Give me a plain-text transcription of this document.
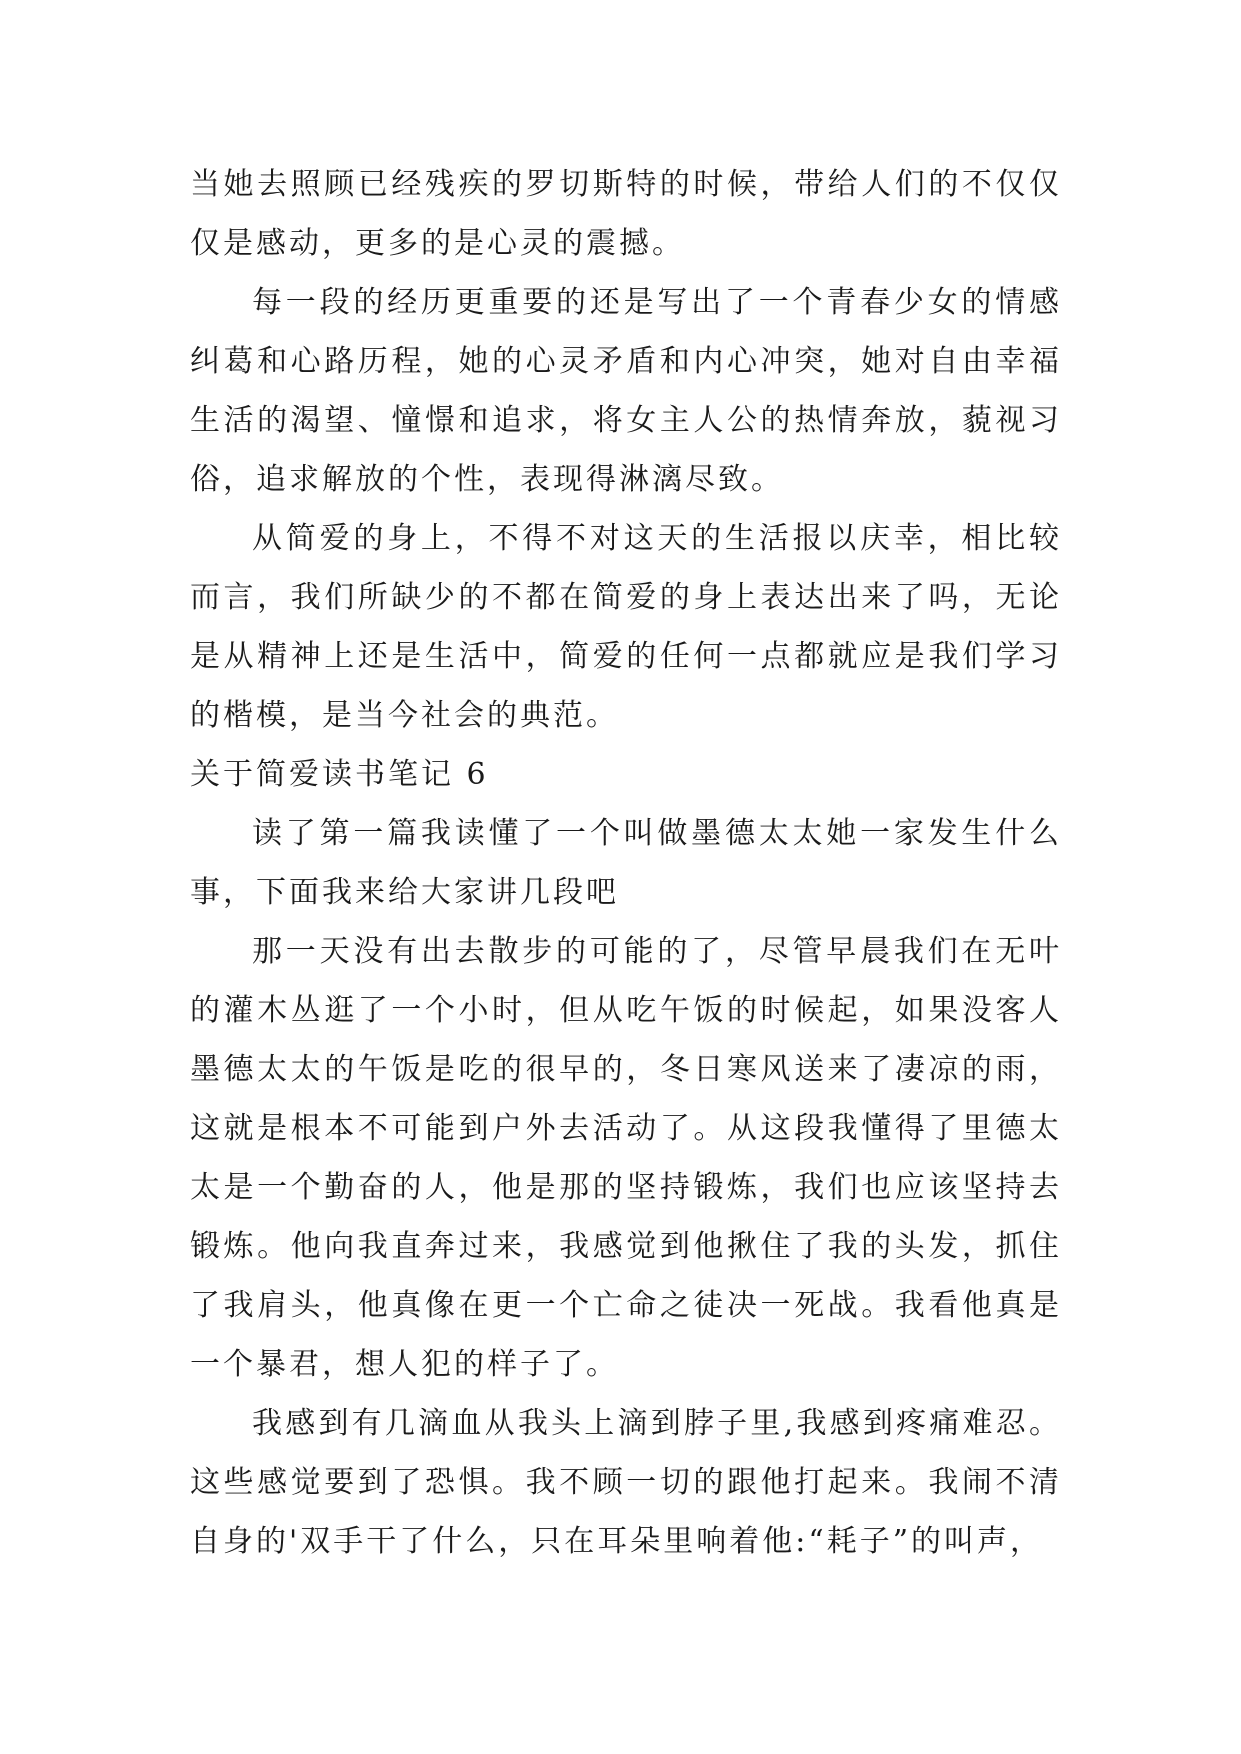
当她去照顾已经残疾的罗切斯特的时候，带给人们的不仅仅仅是感动，更多的是心灵的震撼。

每一段的经历更重要的还是写出了一个青春少女的情感纠葛和心路历程，她的心灵矛盾和内心冲突，她对自由幸福生活的渴望、憧憬和追求，将女主人公的热情奔放，藐视习俗，追求解放的个性，表现得淋漓尽致。

从简爱的身上，不得不对这天的生活报以庆幸，相比较而言，我们所缺少的不都在简爱的身上表达出来了吗，无论是从精神上还是生活中，简爱的任何一点都就应是我们学习的楷模，是当今社会的典范。

关于简爱读书笔记 6

读了第一篇我读懂了一个叫做墨德太太她一家发生什么事，下面我来给大家讲几段吧

那一天没有出去散步的可能的了，尽管早晨我们在无叶的灌木丛逛了一个小时，但从吃午饭的时候起，如果没客人墨德太太的午饭是吃的很早的，冬日寒风送来了凄凉的雨，这就是根本不可能到户外去活动了。从这段我懂得了里德太太是一个勤奋的人，他是那的坚持锻炼，我们也应该坚持去锻炼。他向我直奔过来，我感觉到他揪住了我的头发，抓住了我肩头，他真像在更一个亡命之徒决一死战。我看他真是一个暴君，想人犯的样子了。

我感到有几滴血从我头上滴到脖子里,我感到疼痛难忍。这些感觉要到了恐惧。我不顾一切的跟他打起来。我闹不清自身的'双手干了什么，只在耳朵里响着他:“耗子”的叫声，
